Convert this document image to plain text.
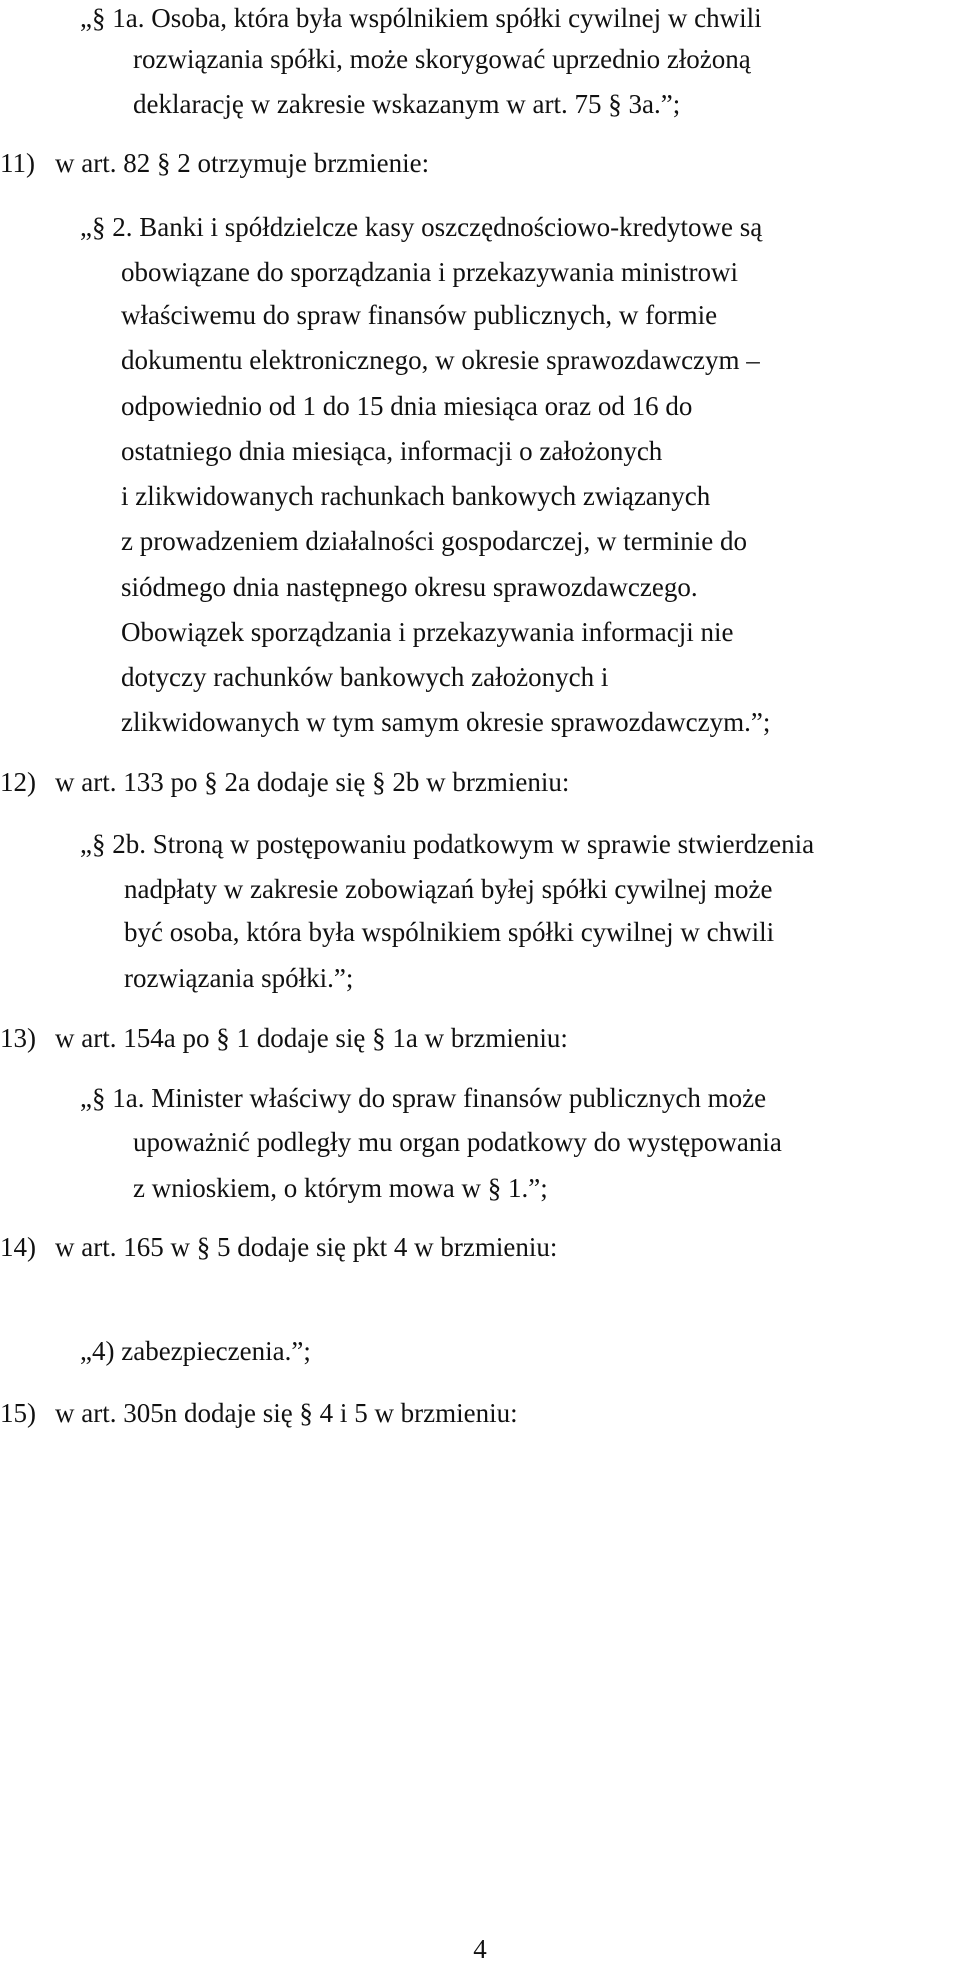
„§ 1a. Osoba, która była wspólnikiem spółki cywilnej w chwili
rozwiązania spółki, może skorygować uprzednio złożoną
deklarację w zakresie wskazanym w art. 75 § 3a.”;
11) w art. 82 § 2 otrzymuje brzmienie:
„§ 2. Banki i spółdzielcze kasy oszczędnościowo-kredytowe są
obowiązane do sporządzania i przekazywania ministrowi
właściwemu do spraw finansów publicznych, w formie
dokumentu elektronicznego, w okresie sprawozdawczym –
odpowiednio od 1 do 15 dnia miesiąca oraz od 16 do
ostatniego dnia miesiąca, informacji o założonych
i zlikwidowanych rachunkach bankowych związanych
z prowadzeniem działalności gospodarczej, w terminie do
siódmego dnia następnego okresu sprawozdawczego.
Obowiązek sporządzania i przekazywania informacji nie
dotyczy rachunków bankowych założonych i
zlikwidowanych w tym samym okresie sprawozdawczym.”;
12) w art. 133 po § 2a dodaje się § 2b w brzmieniu:
„§ 2b. Stroną w postępowaniu podatkowym w sprawie stwierdzenia
nadpłaty w zakresie zobowiązań byłej spółki cywilnej może
być osoba, która była wspólnikiem spółki cywilnej w chwili
rozwiązania spółki.”;
13) w art. 154a po § 1 dodaje się § 1a w brzmieniu:
„§ 1a. Minister właściwy do spraw finansów publicznych może
upoważnić podległy mu organ podatkowy do występowania
z wnioskiem, o którym mowa w § 1.”;
14) w art. 165 w § 5 dodaje się pkt 4 w brzmieniu:
„4) zabezpieczenia.”;
15) w art. 305n dodaje się § 4 i 5 w brzmieniu:
4
